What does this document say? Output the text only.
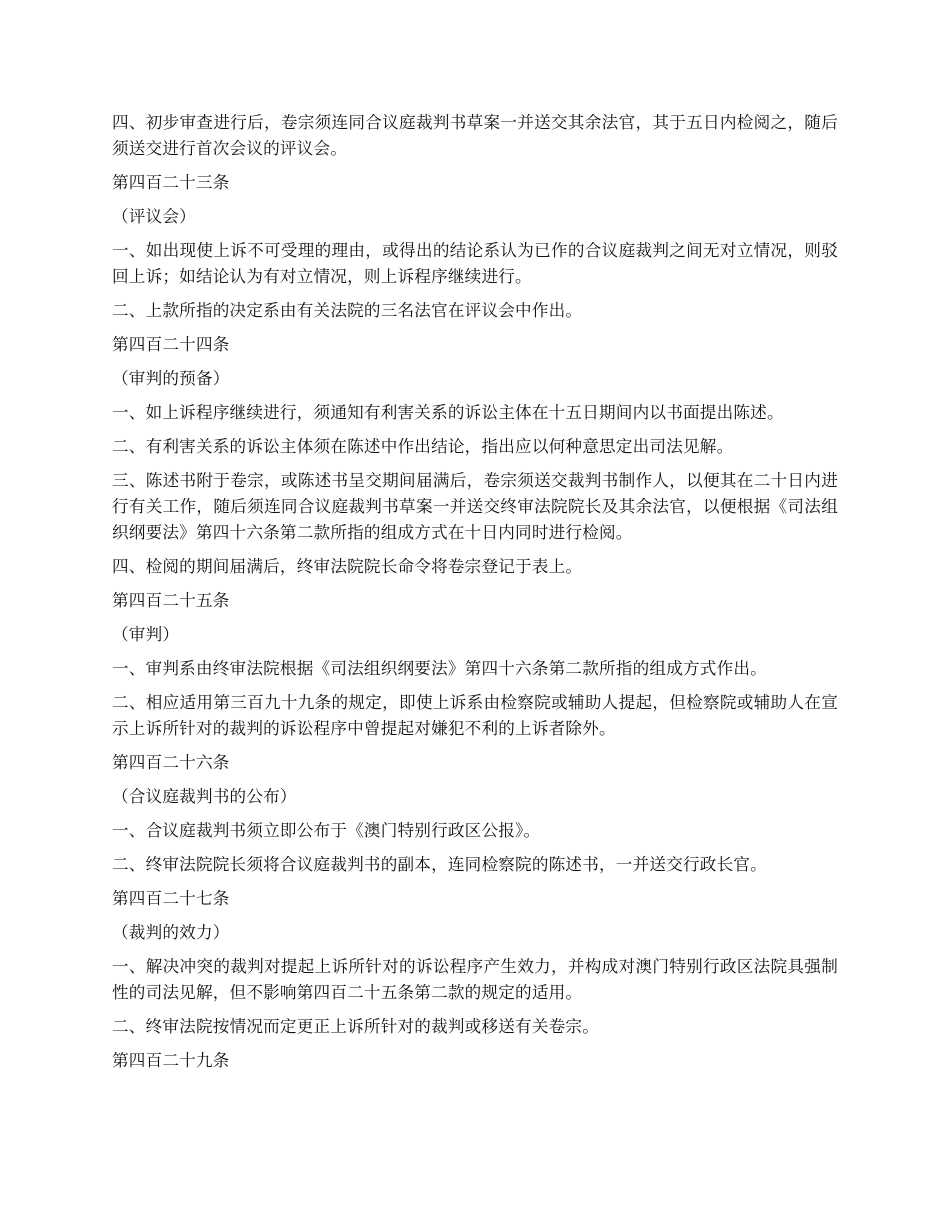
四、初步审查进行后，卷宗须连同合议庭裁判书草案一并送交其余法官，其于五日内检阅之，随后须送交进行首次会议的评议会。

第四百二十三条

（评议会）

一、如出现使上诉不可受理的理由，或得出的结论系认为已作的合议庭裁判之间无对立情况，则驳回上诉；如结论认为有对立情况，则上诉程序继续进行。

二、上款所指的决定系由有关法院的三名法官在评议会中作出。

第四百二十四条

（审判的预备）

一、如上诉程序继续进行，须通知有利害关系的诉讼主体在十五日期间内以书面提出陈述。

二、有利害关系的诉讼主体须在陈述中作出结论，指出应以何种意思定出司法见解。

三、陈述书附于卷宗，或陈述书呈交期间届满后，卷宗须送交裁判书制作人，以便其在二十日内进行有关工作，随后须连同合议庭裁判书草案一并送交终审法院院长及其余法官，以便根据《司法组织纲要法》第四十六条第二款所指的组成方式在十日内同时进行检阅。

四、检阅的期间届满后，终审法院院长命令将卷宗登记于表上。

第四百二十五条

（审判）

一、审判系由终审法院根据《司法组织纲要法》第四十六条第二款所指的组成方式作出。

二、相应适用第三百九十九条的规定，即使上诉系由检察院或辅助人提起，但检察院或辅助人在宣示上诉所针对的裁判的诉讼程序中曾提起对嫌犯不利的上诉者除外。

第四百二十六条

（合议庭裁判书的公布）

一、合议庭裁判书须立即公布于《澳门特别行政区公报》。

二、终审法院院长须将合议庭裁判书的副本，连同检察院的陈述书，一并送交行政长官。

第四百二十七条

（裁判的效力）

一、解决冲突的裁判对提起上诉所针对的诉讼程序产生效力，并构成对澳门特别行政区法院具强制性的司法见解，但不影响第四百二十五条第二款的规定的适用。

二、终审法院按情况而定更正上诉所针对的裁判或移送有关卷宗。

第四百二十九条
